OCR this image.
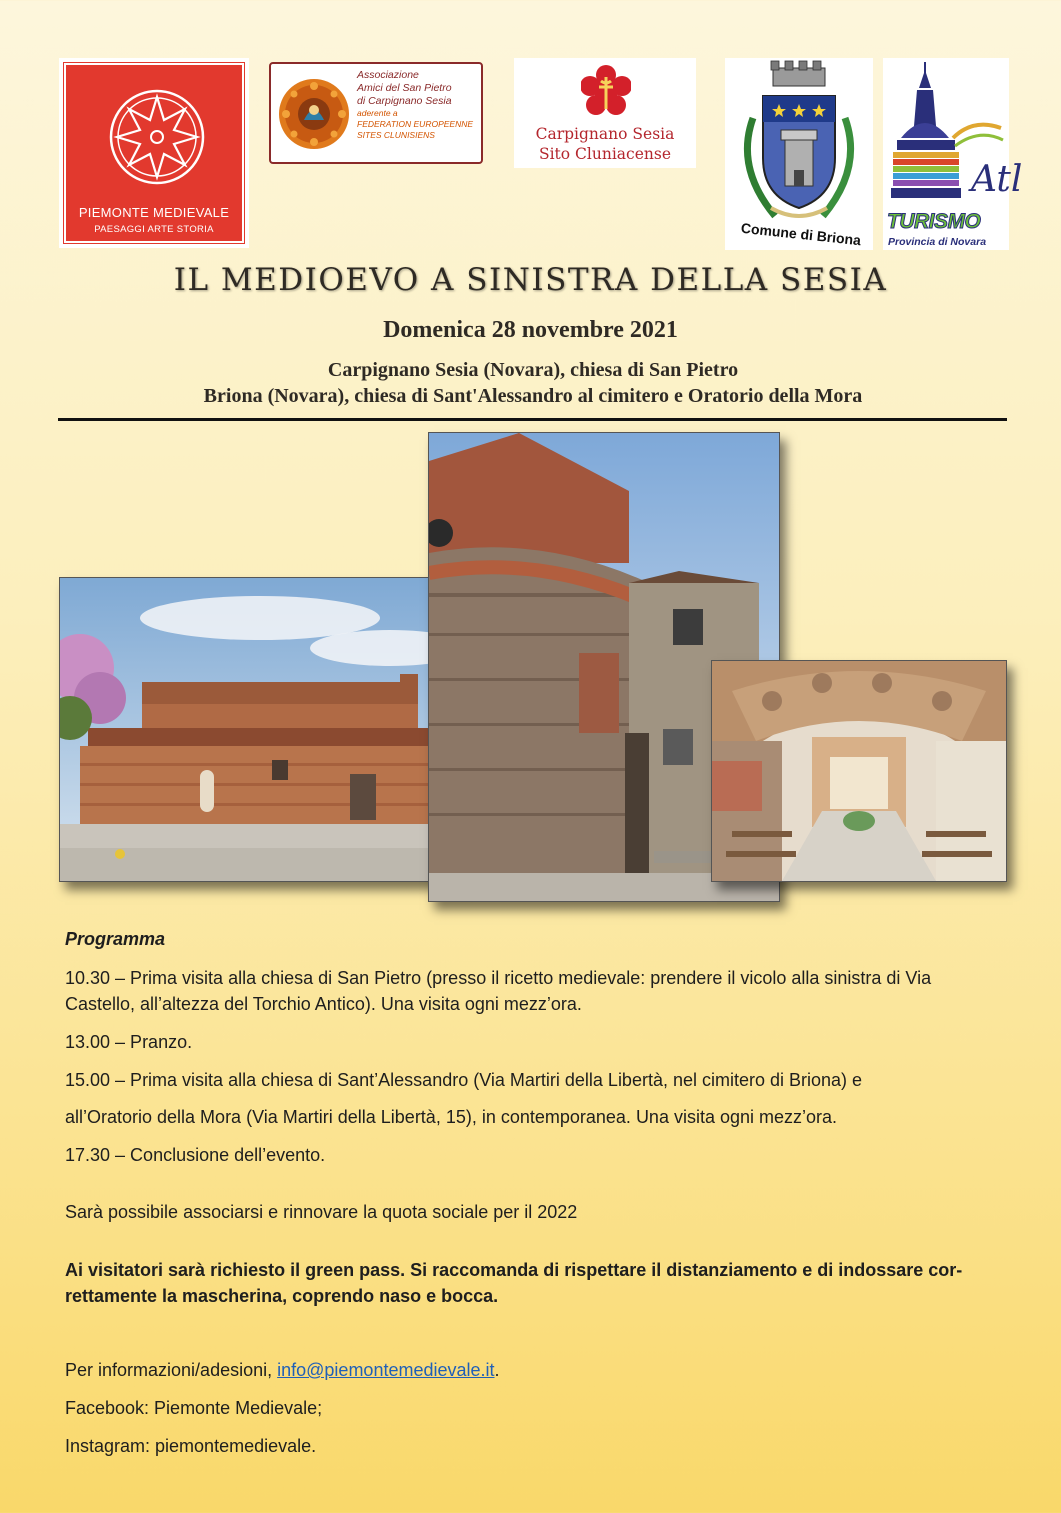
PIEMONTE MEDIEVALE
PAESAGGI ARTE STORIA
Associazione
Amici del San Pietro
di Carpignano Sesia
aderente a
FEDERATION EUROPEENNE
SITES CLUNISIENS	Carpignano Sesia
Sito Cluniacense
Comune di Briona
Atl
TURISMO
Provincia di Novara
IL MEDIOEVO A SINISTRA DELLA SESIA
Domenica 28 novembre 2021
Carpignano Sesia (Novara), chiesa di San Pietro
Briona (Novara), chiesa di Sant'Alessandro al cimitero e Oratorio della Mora
Programma
10.30 – Prima visita alla chiesa di San Pietro (presso il ricetto medievale: prendere il vicolo alla sinistra di Via Castello, all’altezza del Torchio Antico). Una visita ogni mezz’ora.
13.00 – Pranzo.
15.00 – Prima visita alla chiesa di Sant’Alessandro (Via Martiri della Libertà, nel cimitero di Briona) e
all’Oratorio della Mora (Via Martiri della Libertà, 15), in contemporanea. Una visita ogni mezz’ora.
17.30 – Conclusione dell’evento.
Sarà possibile associarsi e rinnovare la quota sociale per il 2022
Ai visitatori sarà richiesto il green pass. Si raccomanda di rispettare il distanziamento e di indossare cor-rettamente la mascherina, coprendo naso e bocca.
Per informazioni/adesioni, info@piemontemedievale.it.
Facebook: Piemonte Medievale;
Instagram: piemontemedievale.
